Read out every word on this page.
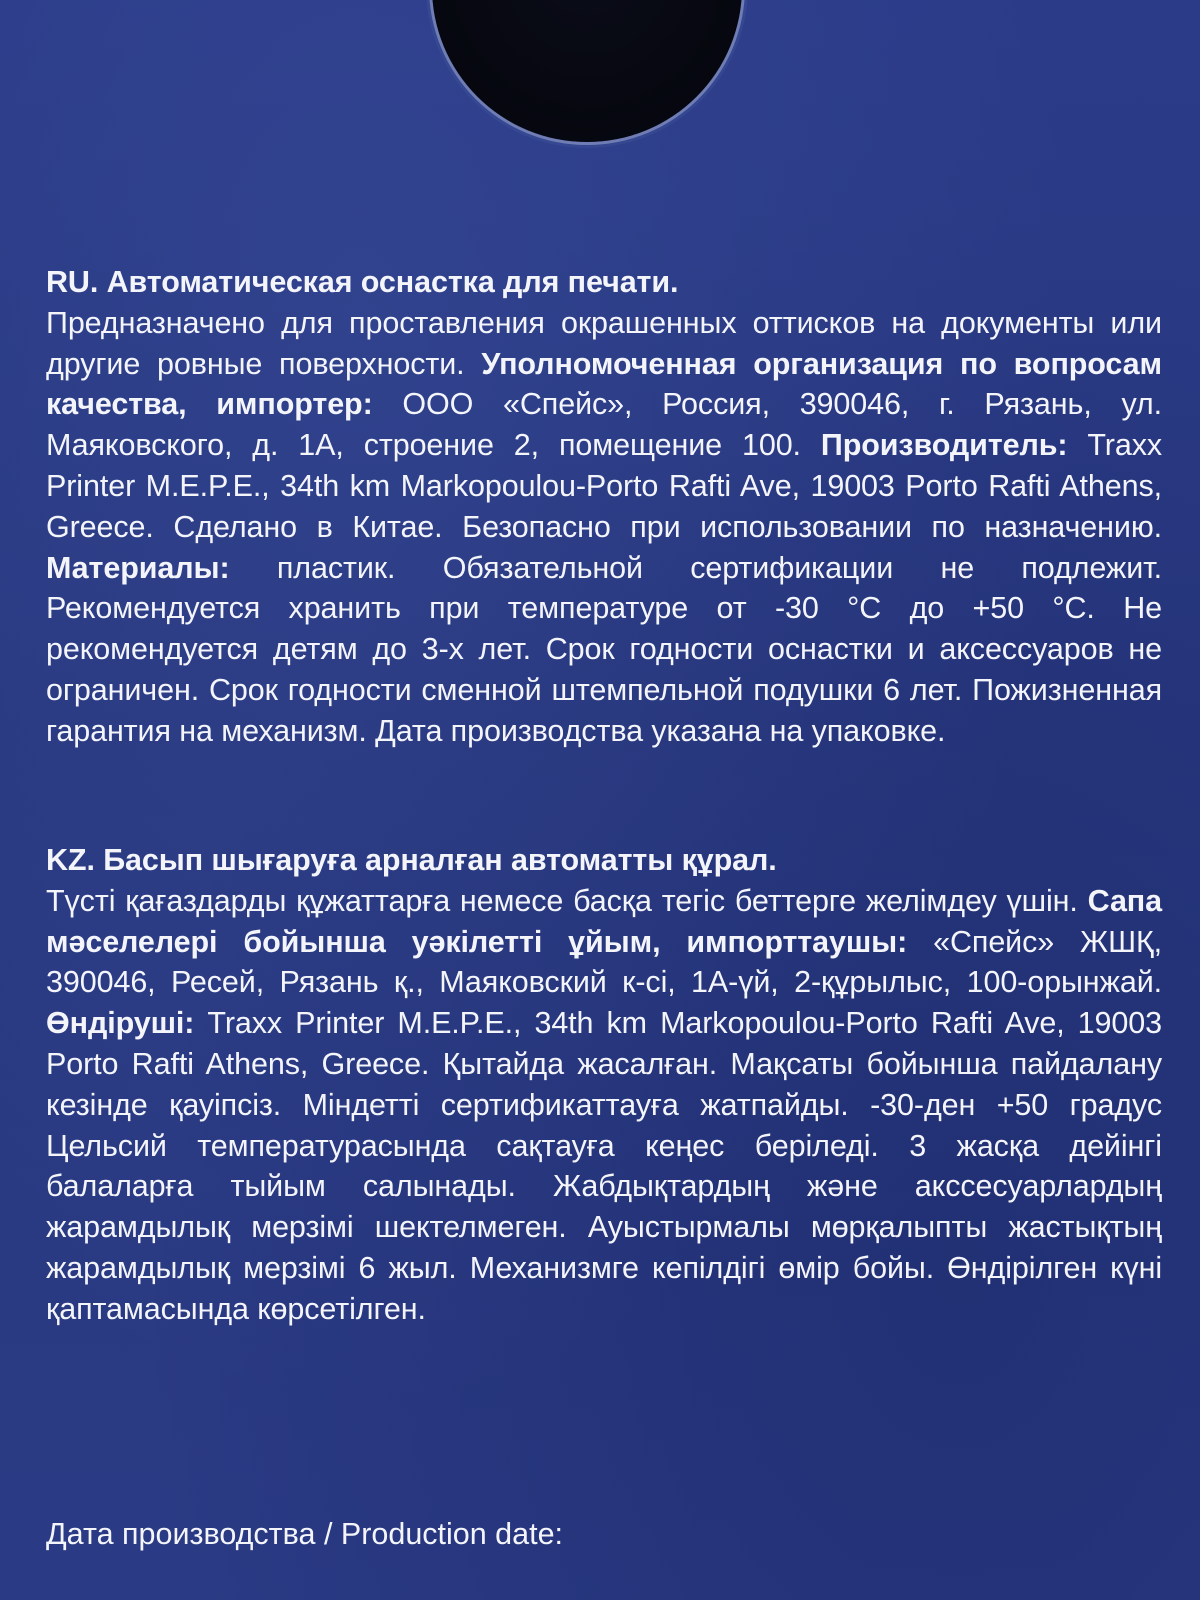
RU. Автоматическая оснастка для печати.

Предназначено для проставления окрашенных оттисков на документы или другие ровные поверхности. Уполномоченная организация по вопросам качества, импортер: ООО «Спейс», Россия, 390046, г. Рязань, ул. Маяковского, д. 1А, строение 2, помещение 100. Производитель: Traxx Printer M.E.P.E., 34th km Markopoulou-Porto Rafti Ave, 19003 Porto Rafti Athens, Greece. Сделано в Китае. Безопасно при использовании по назначению. Материалы: пластик. Обязательной сертификации не подлежит. Рекомендуется хранить при температуре от -30 °С до +50 °С. Не рекомендуется детям до 3-х лет. Срок годности оснастки и аксессуаров не ограничен. Срок годности сменной штемпельной подушки 6 лет. Пожизненная гарантия на механизм. Дата производства указана на упаковке.

KZ. Басып шығаруға арналған автоматты құрал.

Түсті қағаздарды құжаттарға немесе басқа тегіс беттерге желімдеу үшін. Сапа мәселелері бойынша уәкілетті ұйым, импорттаушы: «Спейс» ЖШҚ, 390046, Ресей, Рязань қ., Маяковский к-сі, 1А-үй, 2-құрылыс, 100-орынжай. Өндіруші: Traxx Printer M.E.P.E., 34th km Markopoulou-Porto Rafti Ave, 19003 Porto Rafti Athens, Greece. Қытайда жасалған. Мақсаты бойынша пайдалану кезінде қауіпсіз. Міндетті сертификаттауға жатпайды. -30-ден +50 градус Цельсий температурасында сақтауға кеңес беріледі. 3 жасқа дейінгі балаларға тыйым салынады. Жабдықтардың және акссесуарлардың жарамдылық мерзімі шектелмеген. Ауыстырмалы мөрқалыпты жастықтың жарамдылық мерзімі 6 жыл. Механизмге кепілдігі өмір бойы. Өндірілген күні қаптамасында көрсетілген.

Дата производства / Production date:
